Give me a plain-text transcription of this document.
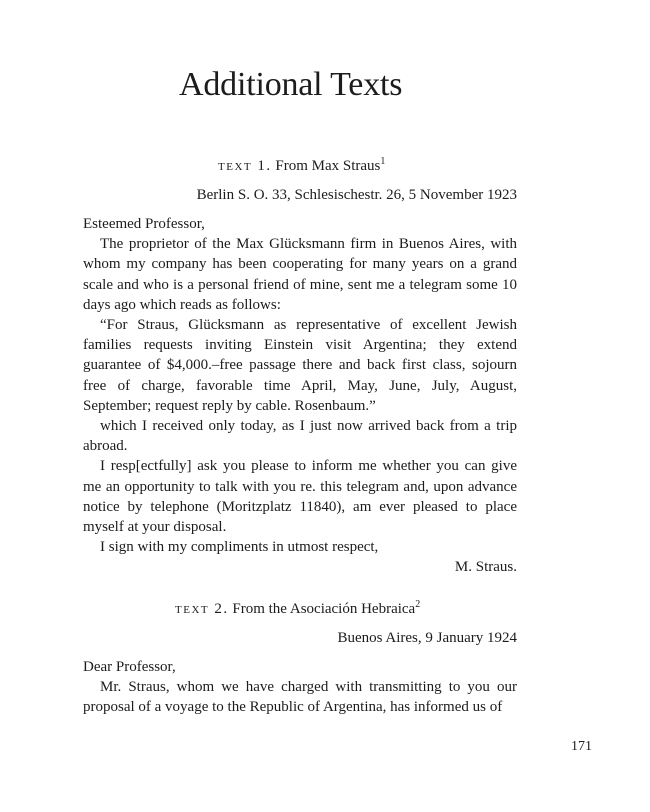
Additional Texts
text 1. From Max Straus$^1$
Berlin S. O. 33, Schlesischestr. 26, 5 November 1923

Esteemed Professor,

The proprietor of the Max Glücksmann firm in Buenos Aires, with whom my company has been cooperating for many years on a grand scale and who is a personal friend of mine, sent me a telegram some 10 days ago which reads as follows:

“For Straus, Glücksmann as representative of excellent Jewish families requests inviting Einstein visit Argentina; they extend guarantee of $4,000.–free passage there and back first class, sojourn free of charge, favorable time April, May, June, July, August, September; request reply by cable. Rosenbaum.”

which I received only today, as I just now arrived back from a trip abroad.

I resp[ectfully] ask you please to inform me whether you can give me an opportunity to talk with you re. this telegram and, upon advance notice by telephone (Moritzplatz 11840), am ever pleased to place myself at your disposal.

I sign with my compliments in utmost respect,

M. Straus.

text 2. From the Asociación Hebraica$^2$
Buenos Aires, 9 January 1924

Dear Professor,

Mr. Straus, whom we have charged with transmitting to you our proposal of a voyage to the Republic of Argentina, has informed us of

171
